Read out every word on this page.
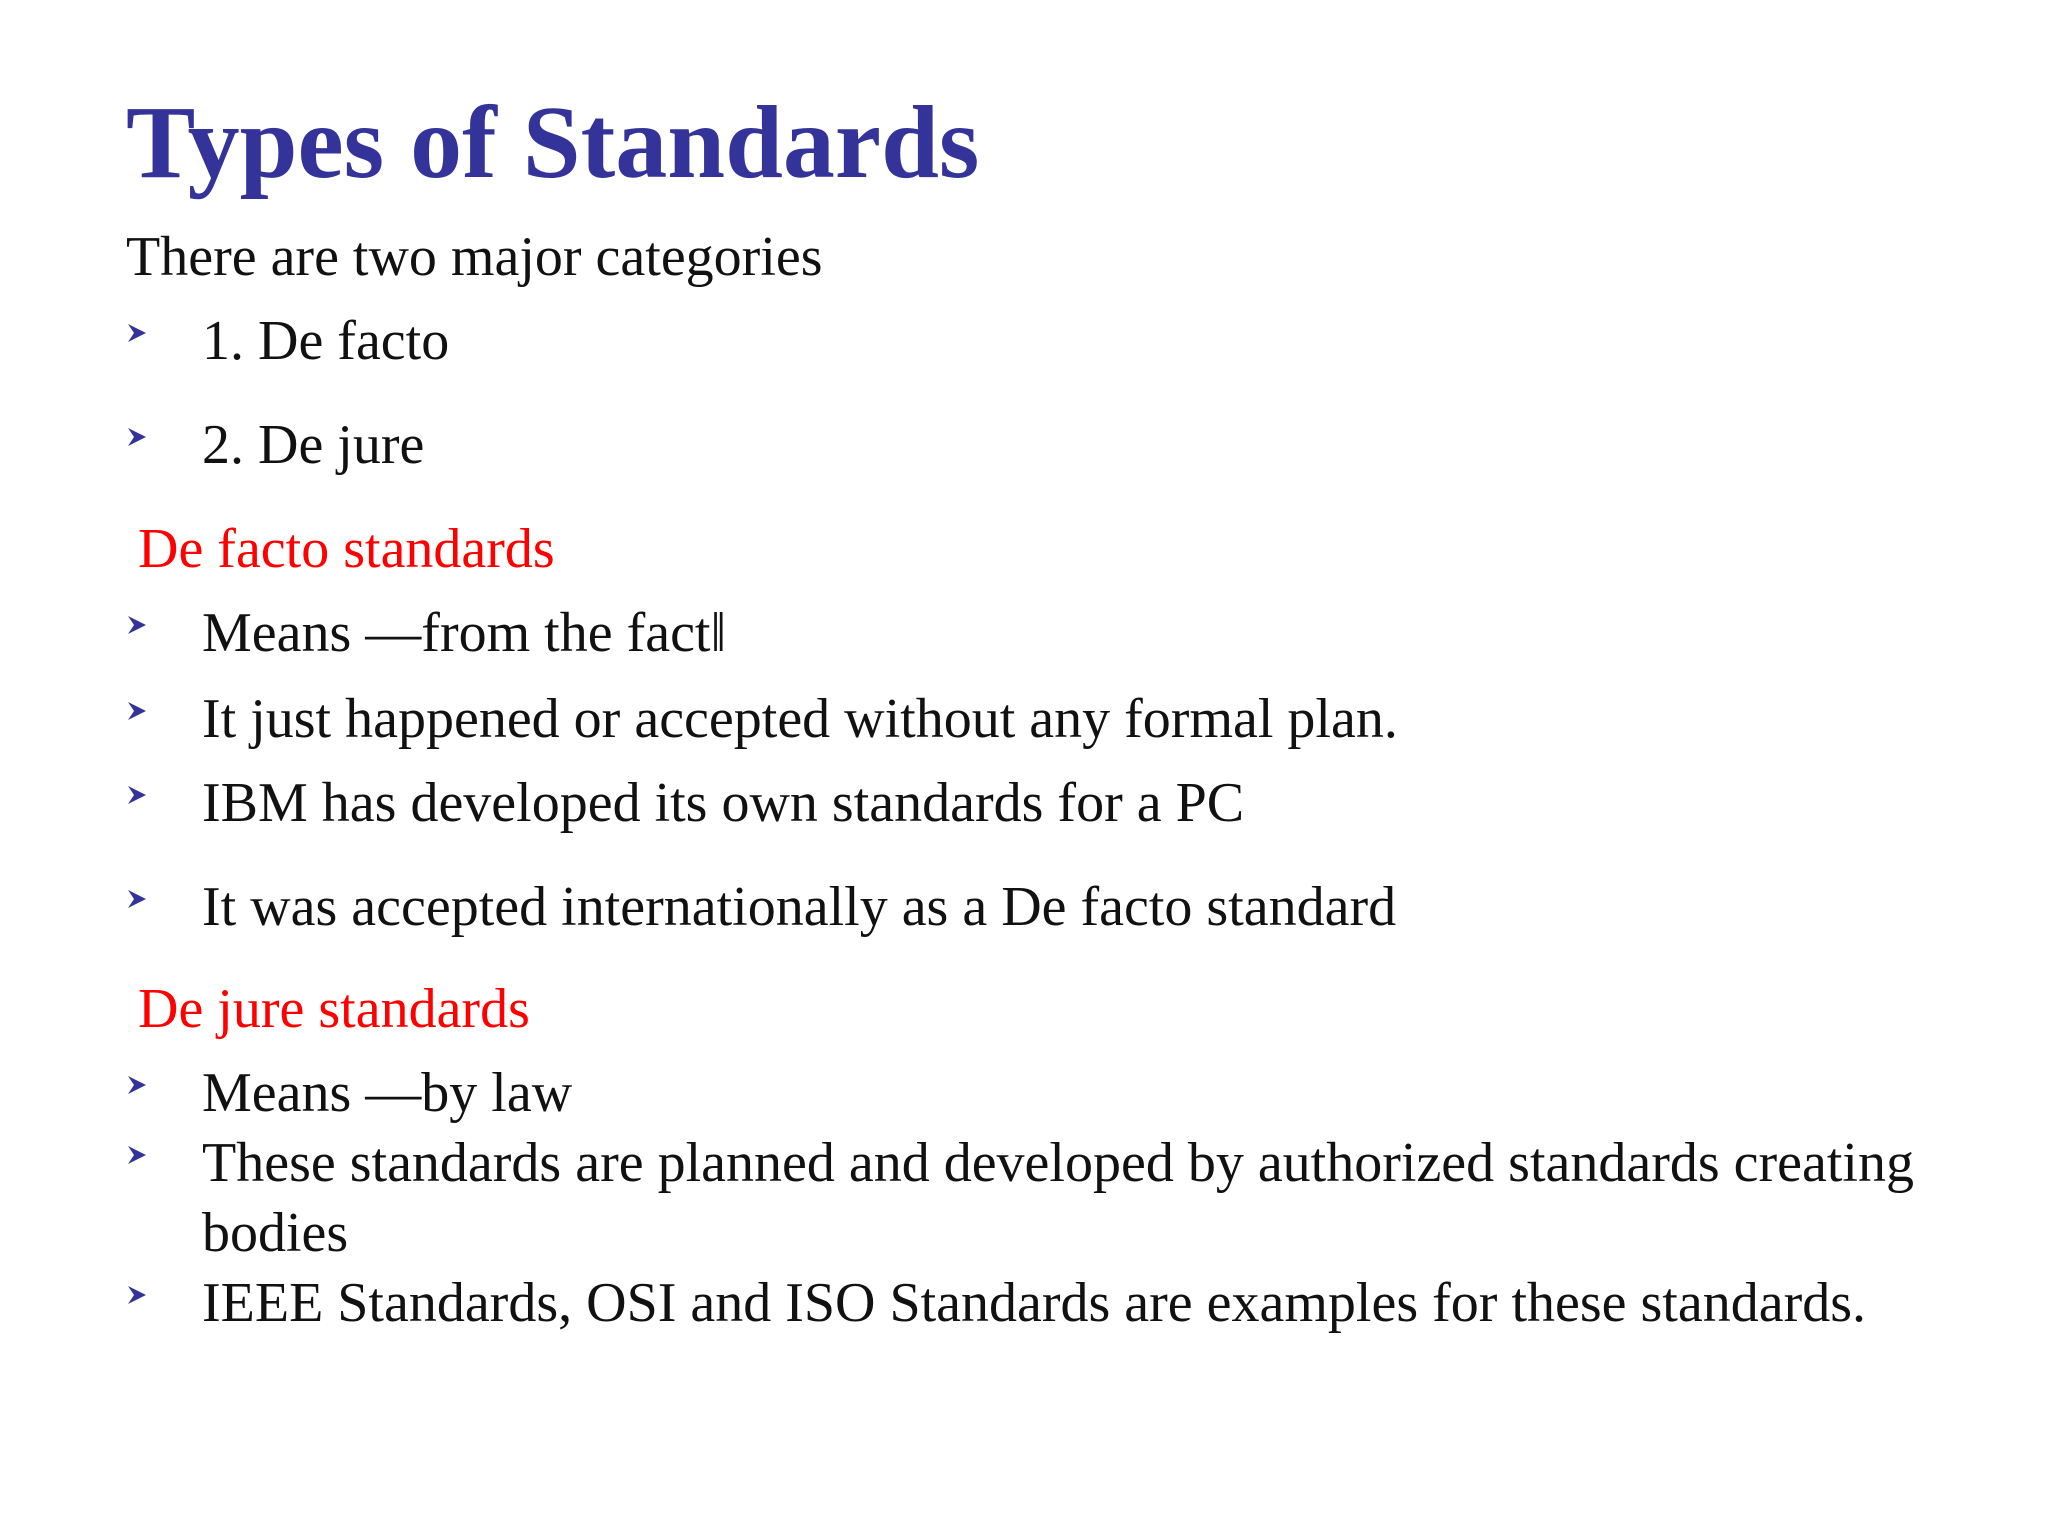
Types of Standards
There are two major categories
1. De facto
2. De jure
De facto standards
Means ―from the fact‖
It just happened or accepted without any formal plan.
IBM has developed its own standards for a PC
It was accepted internationally as a De facto standard
De jure standards
Means ―by law
These standards are planned and developed by authorized standards creating bodies
IEEE Standards, OSI and ISO Standards are examples for these standards.
